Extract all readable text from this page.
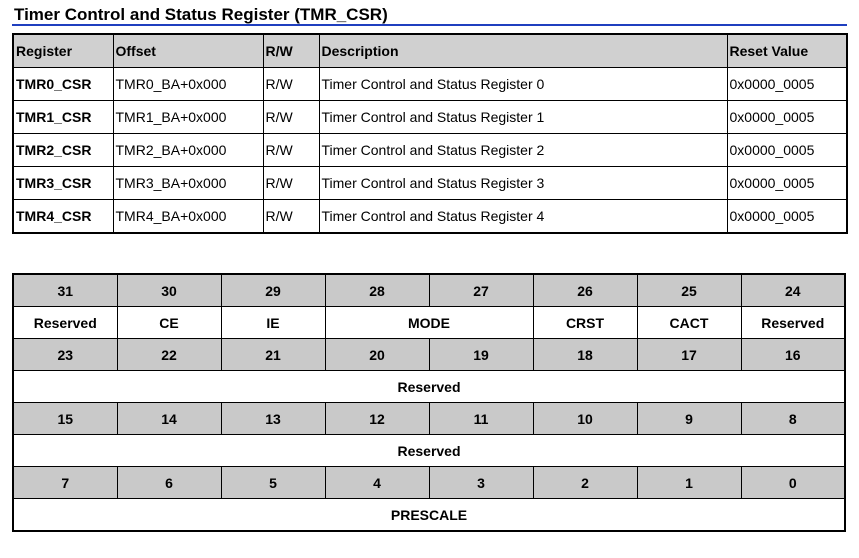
Timer Control and Status Register (TMR_CSR)
Register	Offset	R/W	Description	Reset Value
TMR0_CSR	TMR0_BA+0x000	R/W	Timer Control and Status Register 0	0x0000_0005
TMR1_CSR	TMR1_BA+0x000	R/W	Timer Control and Status Register 1	0x0000_0005
TMR2_CSR	TMR2_BA+0x000	R/W	Timer Control and Status Register 2	0x0000_0005
TMR3_CSR	TMR3_BA+0x000	R/W	Timer Control and Status Register 3	0x0000_0005
TMR4_CSR	TMR4_BA+0x000	R/W	Timer Control and Status Register 4	0x0000_0005
31	30	29	28	27	26	25	24
Reserved	CE	IE	MODE		CRST	CACT	Reserved
23	22	21	20	19	18	17	16
Reserved							
15	14	13	12	11	10	9	8
Reserved							
7	6	5	4	3	2	1	0
PRESCALE							
